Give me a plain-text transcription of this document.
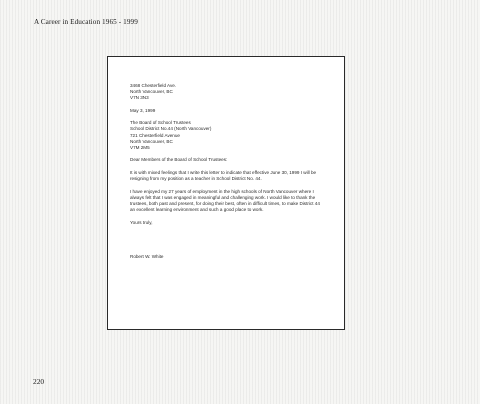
A Career in Education 1965 - 1999
3468 Chesterfield Ave.
North Vancouver, BC
V7N 3N3
May 3, 1999
The Board of School Trustees
School District No.44 (North Vancouver)
721 Chesterfield Avenue
North Vancouver, BC
V7M 2M5
Dear Members of the Board of School Trustees:

It is with mixed feelings that I write this letter to indicate that effective June 30, 1999 I will be resigning from my position as a teacher in School District No. 44.

I have enjoyed my 27 years of employment in the high schools of North Vancouver where I always felt that I was engaged in meaningful and challenging work. I would like to thank the trustees, both past and present, for doing their best, often in difficult times, to make District 44 an excellent learning environment and such a good place to work.

Yours truly,
Robert W. White
220
